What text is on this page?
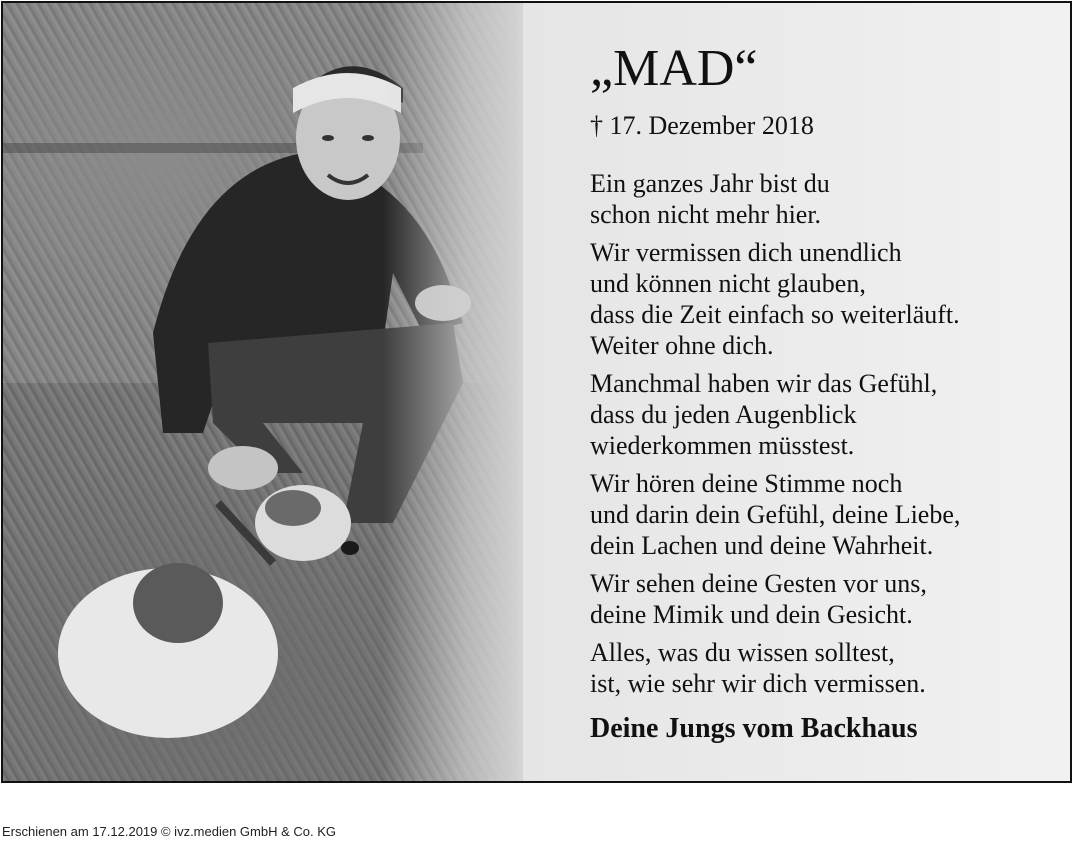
„MAD“
† 17. Dezember 2018
Ein ganzes Jahr bist du
schon nicht mehr hier.
Wir vermissen dich unendlich
und können nicht glauben,
dass die Zeit einfach so weiterläuft.
Weiter ohne dich.
Manchmal haben wir das Gefühl,
dass du jeden Augenblick
wiederkommen müsstest.
Wir hören deine Stimme noch
und darin dein Gefühl, deine Liebe,
dein Lachen und deine Wahrheit.
Wir sehen deine Gesten vor uns,
deine Mimik und dein Gesicht.
Alles, was du wissen solltest,
ist, wie sehr wir dich vermissen.
Deine Jungs vom Backhaus
Erschienen am 17.12.2019 © ivz.medien GmbH & Co. KG
